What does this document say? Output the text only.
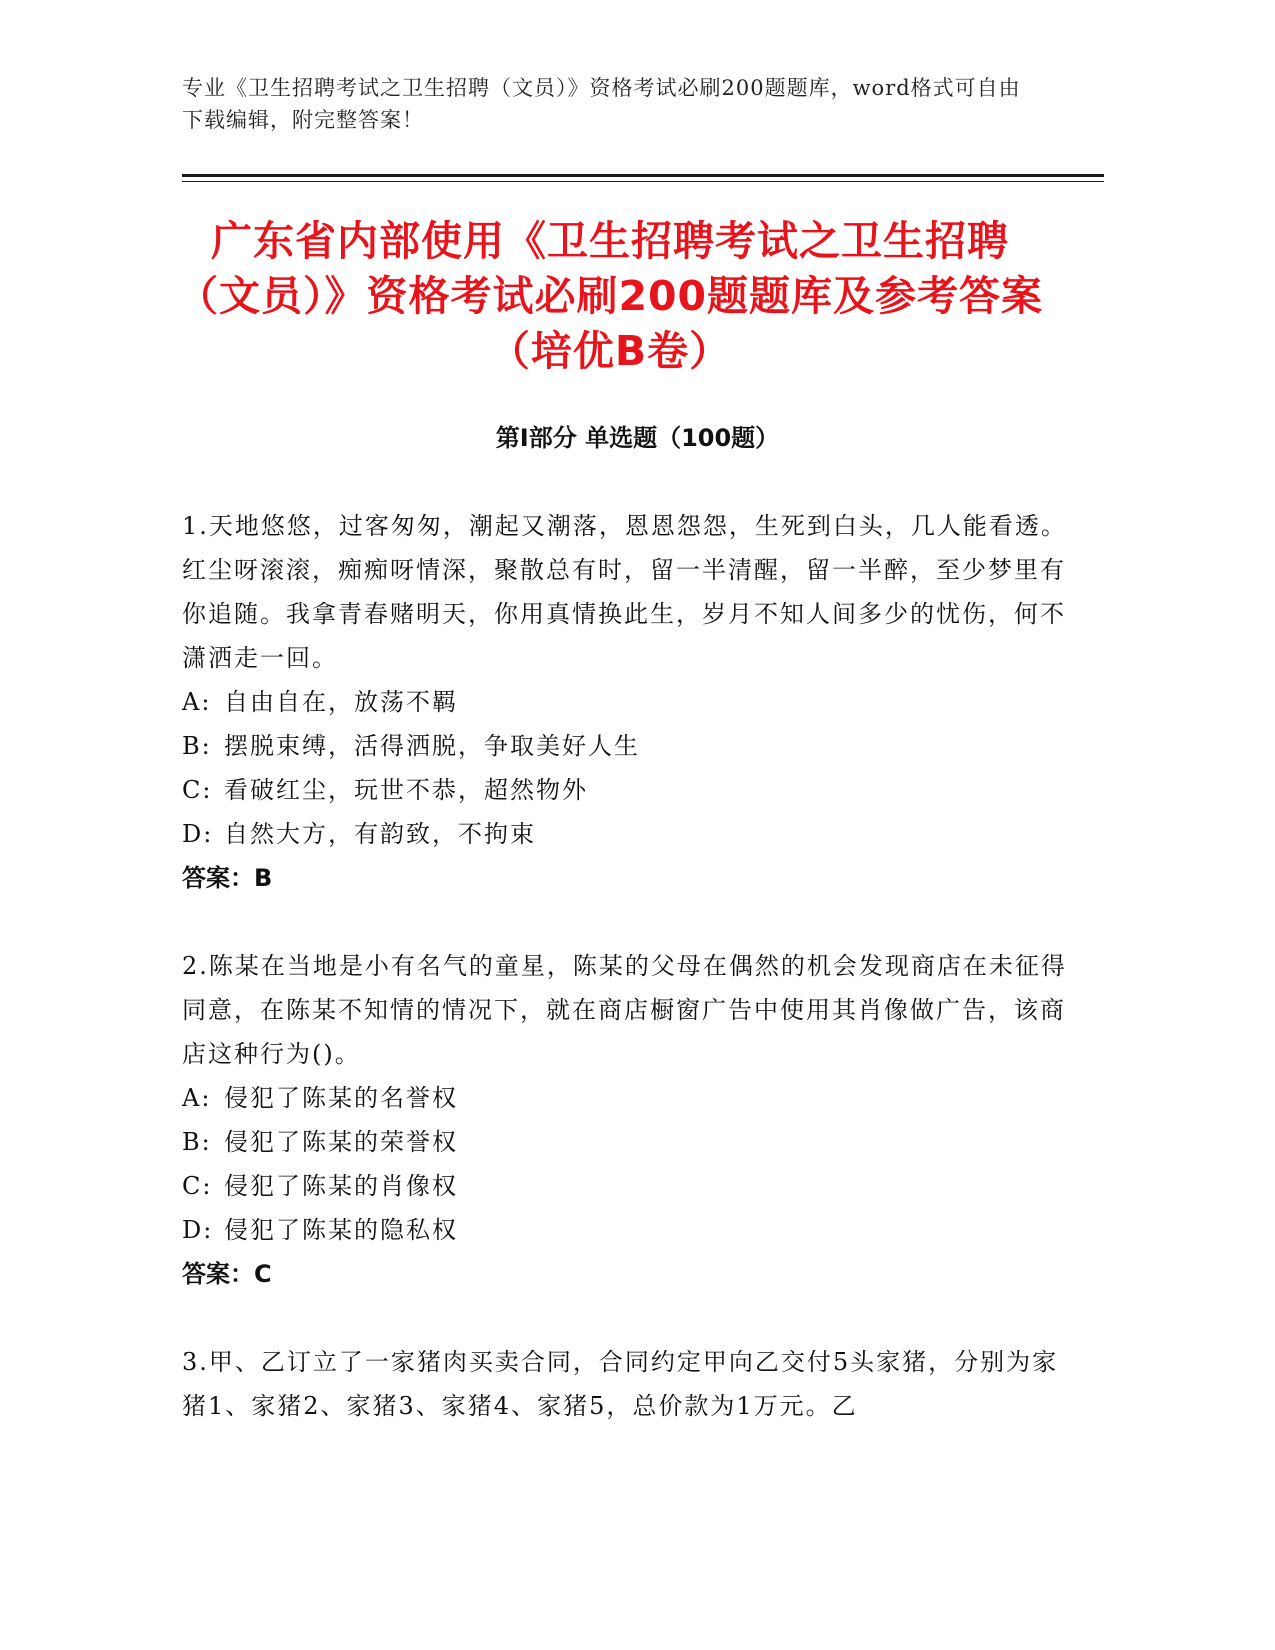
专业《卫生招聘考试之卫生招聘（文员）》资格考试必刷200题题库，word格式可自由下载编辑，附完整答案！
广东省内部使用《卫生招聘考试之卫生招聘（文员）》资格考试必刷200题题库及参考答案（培优B卷）
第Ⅰ部分 单选题（100题）
1.天地悠悠，过客匆匆，潮起又潮落，恩恩怨怨，生死到白头，几人能看透。红尘呀滚滚，痴痴呀情深，聚散总有时，留一半清醒，留一半醉，至少梦里有你追随。我拿青春赌明天，你用真情换此生，岁月不知人间多少的忧伤，何不潇洒走一回。
A: 自由自在，放荡不羁
B: 摆脱束缚，活得洒脱，争取美好人生
C: 看破红尘，玩世不恭，超然物外
D: 自然大方，有韵致，不拘束
答案：B
2.陈某在当地是小有名气的童星，陈某的父母在偶然的机会发现商店在未征得同意，在陈某不知情的情况下，就在商店橱窗广告中使用其肖像做广告，该商店这种行为()。
A: 侵犯了陈某的名誉权
B: 侵犯了陈某的荣誉权
C: 侵犯了陈某的肖像权
D: 侵犯了陈某的隐私权
答案：C
3.甲、乙订立了一家猪肉买卖合同，合同约定甲向乙交付5头家猪，分别为家猪1、家猪2、家猪3、家猪4、家猪5，总价款为1万元。乙
